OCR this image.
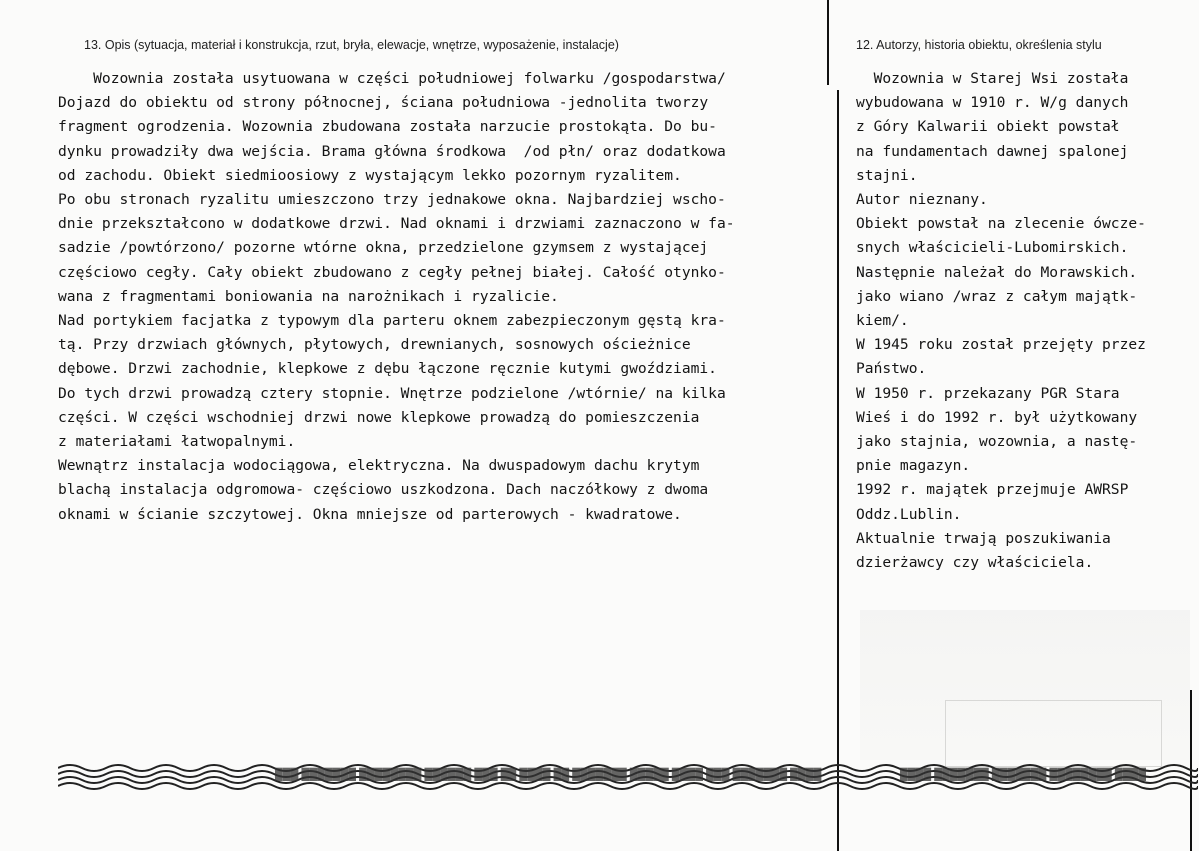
13. Opis (sytuacja, materiał i konstrukcja, rzut, bryła, elewacje, wnętrze, wyposażenie, instalacje)	12. Autorzy, historia obiektu, określenia stylu
Wozownia została usytuowana w części południowej folwarku /gospodarstwa/
Dojazd do obiektu od strony północnej, ściana południowa -jednolita tworzy
fragment ogrodzenia. Wozownia zbudowana została narzucie prostokąta. Do bu-
dynku prowadziły dwa wejścia. Brama główna środkowa  /od płn/ oraz dodatkowa
od zachodu. Obiekt siedmioosiowy z wystającym lekko pozornym ryzalitem.
Po obu stronach ryzalitu umieszczono trzy jednakowe okna. Najbardziej wscho-
dnie przekształcono w dodatkowe drzwi. Nad oknami i drzwiami zaznaczono w fa-
sadzie /powtórzono/ pozorne wtórne okna, przedzielone gzymsem z wystającej
częściowo cegły. Cały obiekt zbudowano z cegły pełnej białej. Całość otynko-
wana z fragmentami boniowania na narożnikach i ryzalicie.
Nad portykiem facjatka z typowym dla parteru oknem zabezpieczonym gęstą kra-
tą. Przy drzwiach głównych, płytowych, drewnianych, sosnowych ościeżnice
dębowe. Drzwi zachodnie, klepkowe z dębu łączone ręcznie kutymi gwoździami.
Do tych drzwi prowadzą cztery stopnie. Wnętrze podzielone /wtórnie/ na kilka
części. W części wschodniej drzwi nowe klepkowe prowadzą do pomieszczenia
z materiałami łatwopalnymi.
Wewnątrz instalacja wodociągowa, elektryczna. Na dwuspadowym dachu krytym
blachą instalacja odgromowa- częściowo uszkodzona. Dach naczółkowy z dwoma
oknami w ścianie szczytowej. Okna mniejsze od parterowych - kwadratowe.
Wozownia w Starej Wsi została
wybudowana w 1910 r. W/g danych
z Góry Kalwarii obiekt powstał
na fundamentach dawnej spalonej
stajni.
Autor nieznany.
Obiekt powstał na zlecenie ówcze-
snych właścicieli-Lubomirskich.
Następnie należał do Morawskich.
jako wiano /wraz z całym majątk-
kiem/.
W 1945 roku został przejęty przez
Państwo.
W 1950 r. przekazany PGR Stara
Wieś i do 1992 r. był użytkowany
jako stajnia, wozownia, a nastę-
pnie magazyn.
1992 r. majątek przejmuje AWRSP
Oddz.Lublin.
Aktualnie trwają poszukiwania
dzierżawcy czy właściciela.
████ ███████ ███ ████ █████ ███████ ██ ████ ██ ███ ██████ ████████ ███████ ███	████ ████████ ███████ ███████ ████
